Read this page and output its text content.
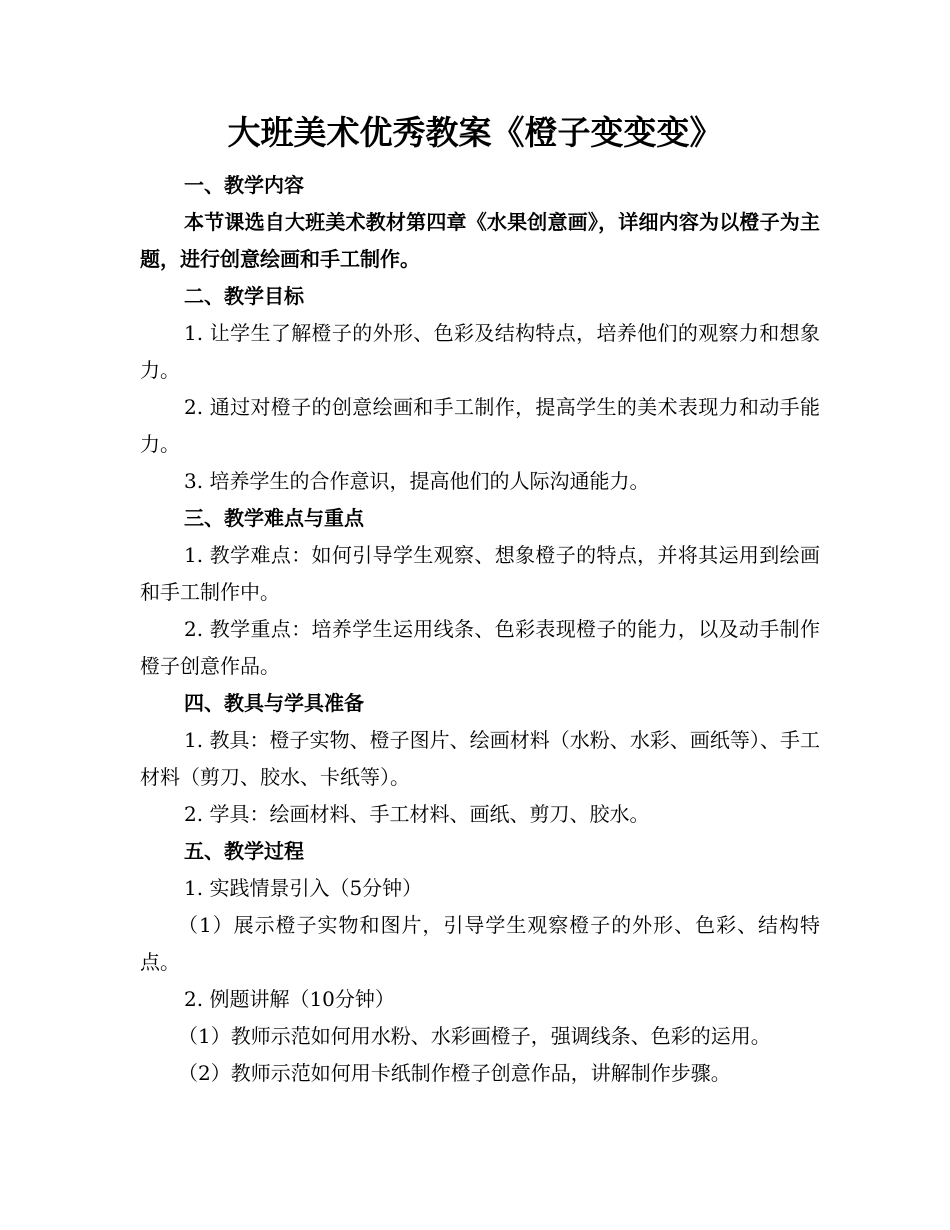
大班美术优秀教案《橙子变变变》

一、教学内容

本节课选自大班美术教材第四章《水果创意画》，详细内容为以橙子为主题，进行创意绘画和手工制作。

二、教学目标

1. 让学生了解橙子的外形、色彩及结构特点，培养他们的观察力和想象力。

2. 通过对橙子的创意绘画和手工制作，提高学生的美术表现力和动手能力。

3. 培养学生的合作意识，提高他们的人际沟通能力。

三、教学难点与重点

1. 教学难点：如何引导学生观察、想象橙子的特点，并将其运用到绘画和手工制作中。

2. 教学重点：培养学生运用线条、色彩表现橙子的能力，以及动手制作橙子创意作品。

四、教具与学具准备

1. 教具：橙子实物、橙子图片、绘画材料（水粉、水彩、画纸等）、手工材料（剪刀、胶水、卡纸等）。

2. 学具：绘画材料、手工材料、画纸、剪刀、胶水。

五、教学过程

1. 实践情景引入（5分钟）

（1）展示橙子实物和图片，引导学生观察橙子的外形、色彩、结构特点。

2. 例题讲解（10分钟）

（1）教师示范如何用水粉、水彩画橙子，强调线条、色彩的运用。

（2）教师示范如何用卡纸制作橙子创意作品，讲解制作步骤。
